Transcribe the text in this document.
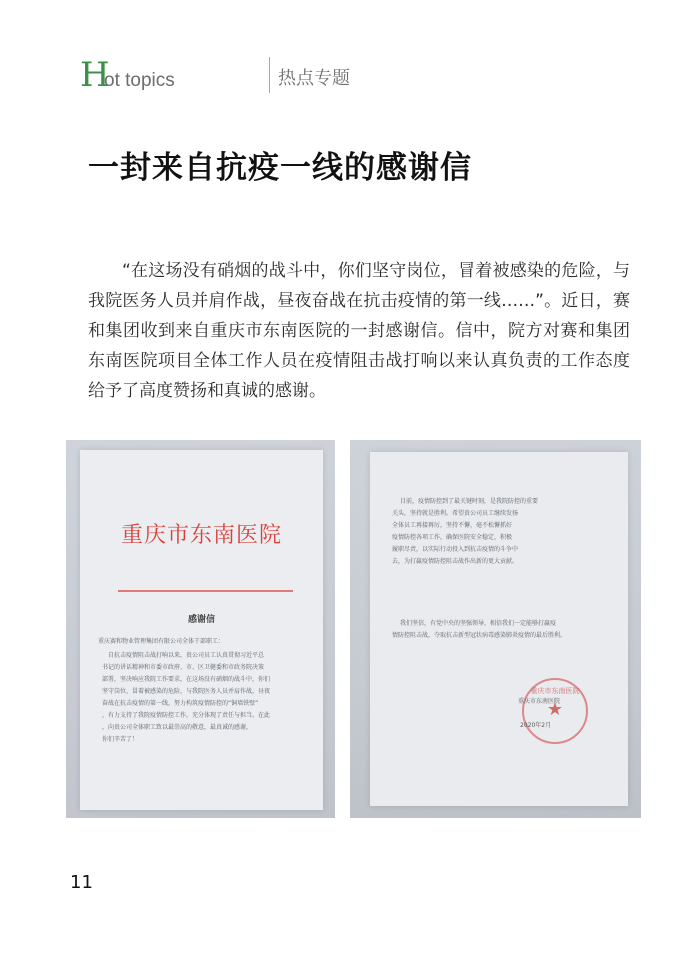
H
ot topics	热点专题
一封来自抗疫一线的感谢信

“在这场没有硝烟的战斗中，你们坚守岗位，冒着被感染的危险，与我院医务人员并肩作战，昼夜奋战在抗击疫情的第一线……”。近日，赛和集团收到来自重庆市东南医院的一封感谢信。信中，院方对赛和集团东南医院项目全体工作人员在疫情阻击战打响以来认真负责的工作态度给予了高度赞扬和真诚的感谢。

重庆市东南医院
感谢信
重庆赛和物业管理集团有限公司全体干部职工：
自抗击疫情阻击战打响以来，贵公司员工认真贯彻习近平总
书记的讲话精神和市委市政府、市、区卫健委和市政务院决策
部署，坚决响应我院工作要求，在这场没有硝烟的战斗中，你们
坚守岗位，冒着被感染的危险，与我院医务人员并肩作战，昼夜
奋战在抗击疫情的第一线，努力构筑疫情防控的“铜墙铁壁”
，有力支持了我院疫情防控工作，充分体现了责任与担当。在此
，向贵公司全体职工致以最崇高的敬意，最真诚的感谢，
你们辛苦了！
目前，疫情防控到了最关键时刻，是我院防控的重要
关头，坚持就是胜利。希望贵公司员工继续发扬
全体员工再接再厉，坚持不懈，毫不松懈抓好
疫情防控各项工作，确保医院安全稳定，积极
履职尽责，以实际行动投入到抗击疫情的斗争中
去，为打赢疫情防控阻击战作出新的更大贡献。
我们坚信，有党中央的坚强领导，相信我们一定能够打赢疫
情防控阻击战，夺取抗击新型冠状病毒感染肺炎疫情的最后胜利。
重庆市东南医院
★
重庆市东南医院
2020年2月
11
